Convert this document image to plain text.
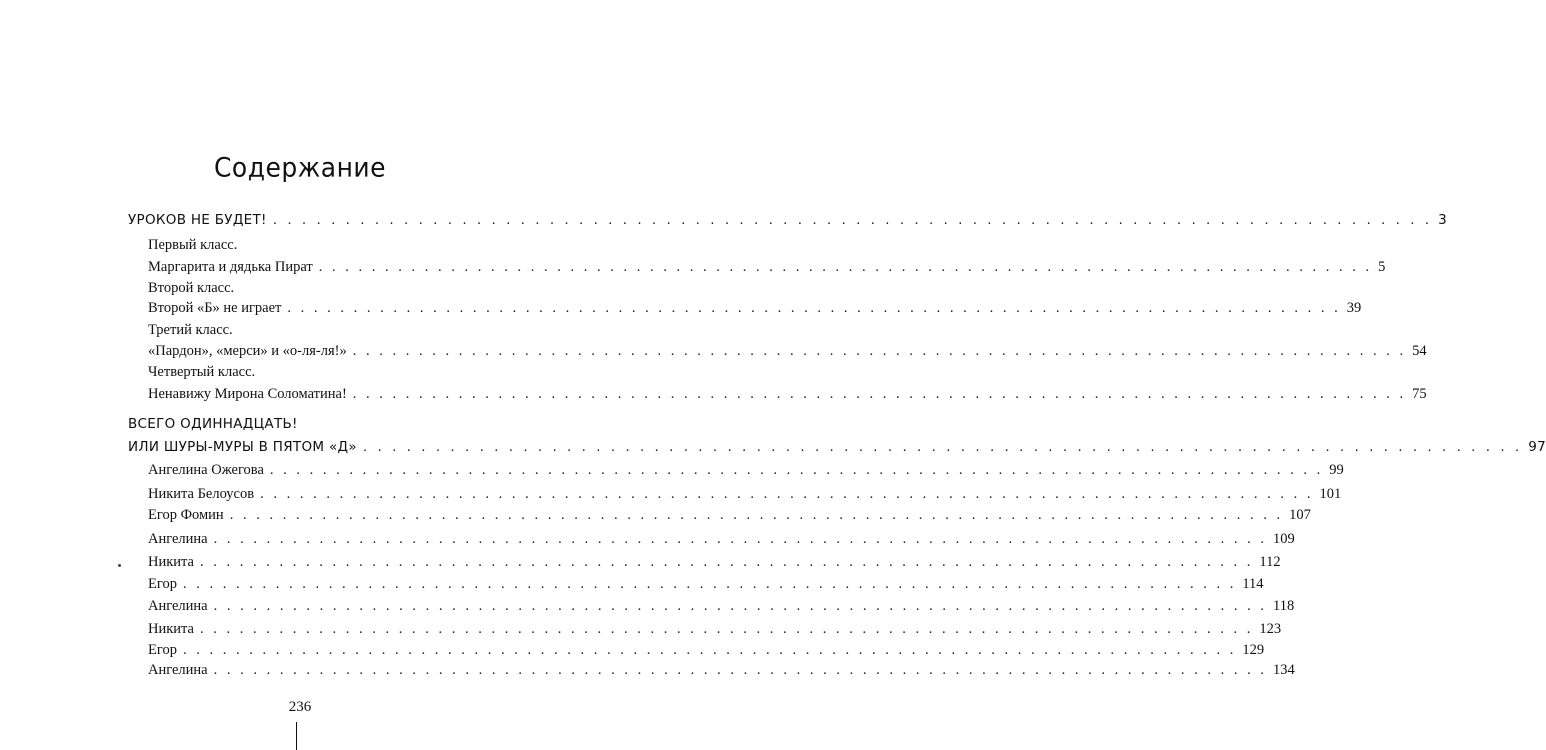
Содержание
УРОКОВ НЕ БУДЕТ! . . . . . . . . . . . . . . . . . . . . . . . . . . . . . . . . . . . . . . . . . . . . . . . . . . . . . . . . . . . . . . . . . . . . . . . . . . . . . . . . 3
Первый класс.
Маргарита и дядька Пират . . . . . . . . . . . . . . . . . . . . . . . . . . . . . . . . . . . . . . . . . . . . . . . . . . . . . . . . . . . . . . . . . . . . . . . . . . . . . . . . 5
Второй класс.
Второй «Б» не играет . . . . . . . . . . . . . . . . . . . . . . . . . . . . . . . . . . . . . . . . . . . . . . . . . . . . . . . . . . . . . . . . . . . . . . . . . . . . . . . . 39
Третий класс.
«Пардон», «мерси» и «о-ля-ля!» . . . . . . . . . . . . . . . . . . . . . . . . . . . . . . . . . . . . . . . . . . . . . . . . . . . . . . . . . . . . . . . . . . . . . . . . . . . . . . . . 54
Четвертый класс.
Ненавижу Мирона Соломатина! . . . . . . . . . . . . . . . . . . . . . . . . . . . . . . . . . . . . . . . . . . . . . . . . . . . . . . . . . . . . . . . . . . . . . . . . . . . . . . . . 75
ВСЕГО ОДИННАДЦАТЬ!
ИЛИ ШУРЫ-МУРЫ В ПЯТОМ «Д» . . . . . . . . . . . . . . . . . . . . . . . . . . . . . . . . . . . . . . . . . . . . . . . . . . . . . . . . . . . . . . . . . . . . . . . . . . . . . . . . 97
Ангелина Ожегова . . . . . . . . . . . . . . . . . . . . . . . . . . . . . . . . . . . . . . . . . . . . . . . . . . . . . . . . . . . . . . . . . . . . . . . . . . . . . . . . 99
Никита Белоусов . . . . . . . . . . . . . . . . . . . . . . . . . . . . . . . . . . . . . . . . . . . . . . . . . . . . . . . . . . . . . . . . . . . . . . . . . . . . . . . . 101
Егор Фомин . . . . . . . . . . . . . . . . . . . . . . . . . . . . . . . . . . . . . . . . . . . . . . . . . . . . . . . . . . . . . . . . . . . . . . . . . . . . . . . . 107
Ангелина . . . . . . . . . . . . . . . . . . . . . . . . . . . . . . . . . . . . . . . . . . . . . . . . . . . . . . . . . . . . . . . . . . . . . . . . . . . . . . . . 109
Никита . . . . . . . . . . . . . . . . . . . . . . . . . . . . . . . . . . . . . . . . . . . . . . . . . . . . . . . . . . . . . . . . . . . . . . . . . . . . . . . . 112
Егор . . . . . . . . . . . . . . . . . . . . . . . . . . . . . . . . . . . . . . . . . . . . . . . . . . . . . . . . . . . . . . . . . . . . . . . . . . . . . . . . 114
Ангелина . . . . . . . . . . . . . . . . . . . . . . . . . . . . . . . . . . . . . . . . . . . . . . . . . . . . . . . . . . . . . . . . . . . . . . . . . . . . . . . . 118
Никита . . . . . . . . . . . . . . . . . . . . . . . . . . . . . . . . . . . . . . . . . . . . . . . . . . . . . . . . . . . . . . . . . . . . . . . . . . . . . . . . 123
Егор . . . . . . . . . . . . . . . . . . . . . . . . . . . . . . . . . . . . . . . . . . . . . . . . . . . . . . . . . . . . . . . . . . . . . . . . . . . . . . . . 129
Ангелина . . . . . . . . . . . . . . . . . . . . . . . . . . . . . . . . . . . . . . . . . . . . . . . . . . . . . . . . . . . . . . . . . . . . . . . . . . . . . . . . 134
236
